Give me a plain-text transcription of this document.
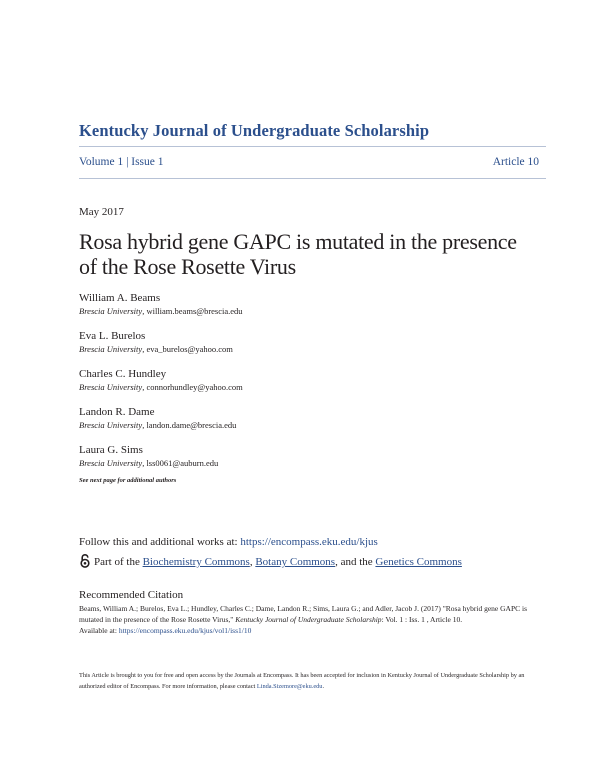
Kentucky Journal of Undergraduate Scholarship
Volume 1 | Issue 1	Article 10
May 2017
Rosa hybrid gene GAPC is mutated in the presence
of the Rose Rosette Virus
William A. Beams
Brescia University, william.beams@brescia.edu
Eva L. Burelos
Brescia University, eva_burelos@yahoo.com
Charles C. Hundley
Brescia University, connorhundley@yahoo.com
Landon R. Dame
Brescia University, landon.dame@brescia.edu
Laura G. Sims
Brescia University, lss0061@auburn.edu
See next page for additional authors
Follow this and additional works at: https://encompass.eku.edu/kjus
Part of the Biochemistry Commons, Botany Commons, and the Genetics Commons
Recommended Citation
Beams, William A.; Burelos, Eva L.; Hundley, Charles C.; Dame, Landon R.; Sims, Laura G.; and Adler, Jacob J. (2017) "Rosa hybrid gene GAPC is mutated in the presence of the Rose Rosette Virus," Kentucky Journal of Undergraduate Scholarship: Vol. 1 : Iss. 1 , Article 10.
Available at: https://encompass.eku.edu/kjus/vol1/iss1/10
This Article is brought to you for free and open access by the Journals at Encompass. It has been accepted for inclusion in Kentucky Journal of Undergraduate Scholarship by an authorized editor of Encompass. For more information, please contact Linda.Sizemore@eku.edu.
